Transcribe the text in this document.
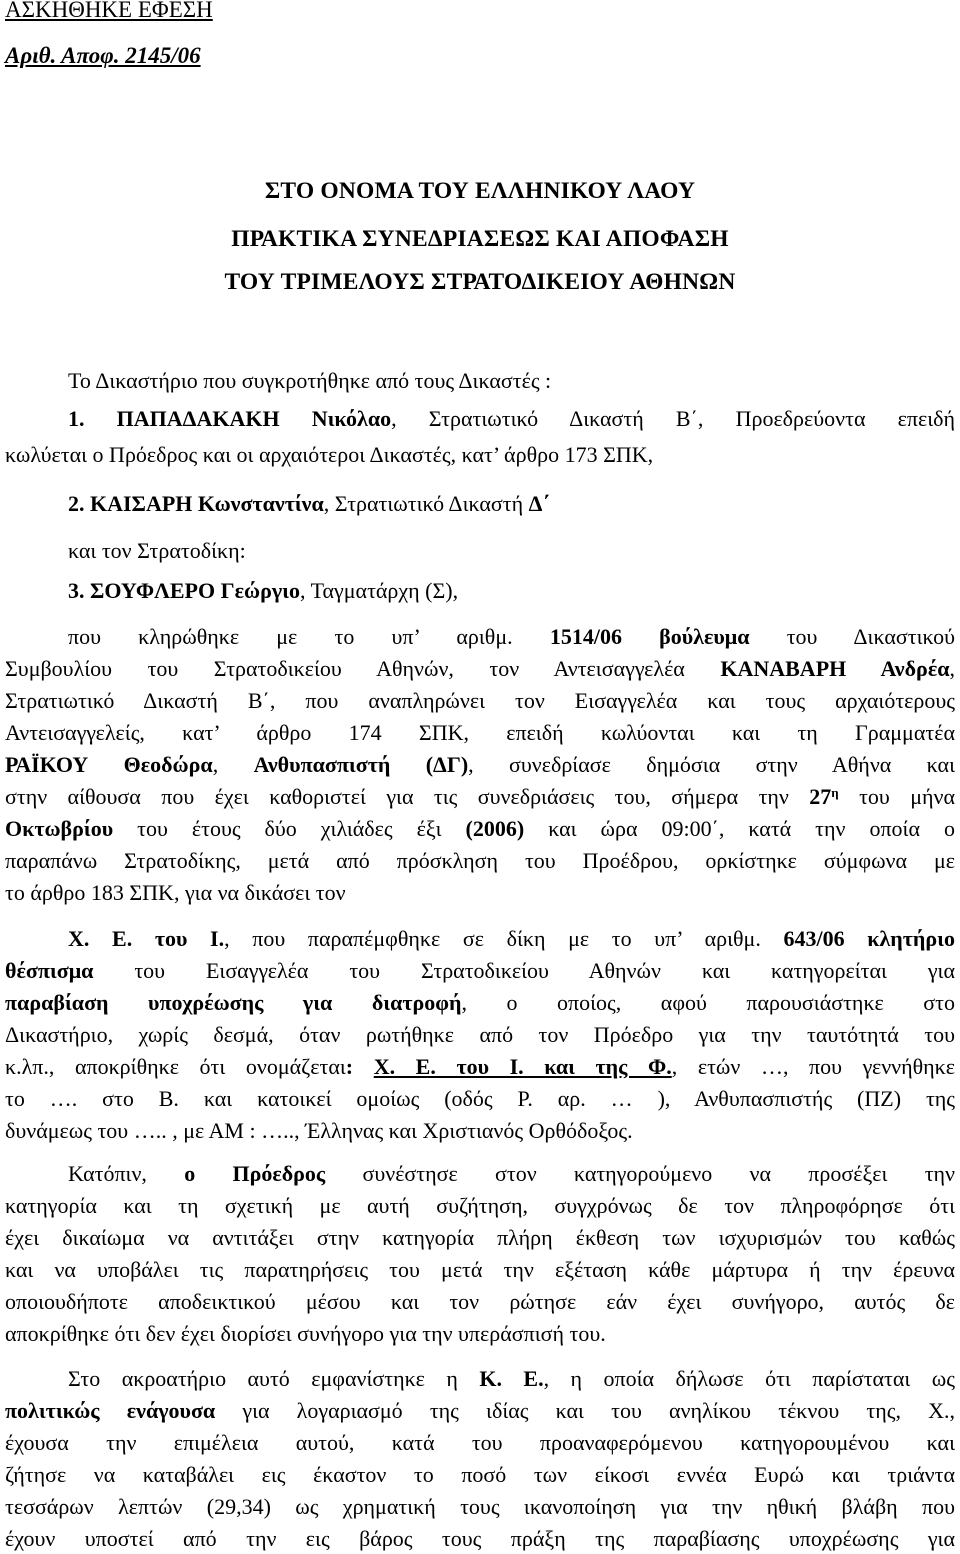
ΑΣΚΗΘΗΚΕ ΕΦΕΣΗ
Αριθ. Αποφ. 2145/06
ΣΤΟ ΟΝΟΜΑ ΤΟΥ ΕΛΛΗΝΙΚΟΥ ΛΑΟΥ
ΠΡΑΚΤΙΚΑ ΣΥΝΕΔΡΙΑΣΕΩΣ ΚΑΙ ΑΠΟΦΑΣΗ
ΤΟΥ ΤΡΙΜΕΛΟΥΣ ΣΤΡΑΤΟΔΙΚΕΙΟΥ ΑΘΗΝΩΝ
Το Δικαστήριο που συγκροτήθηκε από τους Δικαστές :
1. ΠΑΠΑΔΑΚΑΚΗ Νικόλαο, Στρατιωτικό Δικαστή Β΄, Προεδρεύοντα επειδή
κωλύεται ο Πρόεδρος και οι αρχαιότεροι Δικαστές, κατ’ άρθρο 173 ΣΠΚ,
2. ΚΑΙΣΑΡΗ Κωνσταντίνα, Στρατιωτικό Δικαστή Δ΄
και τον Στρατοδίκη:
3. ΣΟΥΦΛΕΡΟ Γεώργιο, Ταγματάρχη (Σ),
που κληρώθηκε με το υπ’ αριθμ. 1514/06 βούλευμα του Δικαστικού
Συμβουλίου του Στρατοδικείου Αθηνών, τον Αντεισαγγελέα ΚΑΝΑΒΑΡΗ Ανδρέα,
Στρατιωτικό Δικαστή Β΄, που αναπληρώνει τον Εισαγγελέα και τους αρχαιότερους
Αντεισαγγελείς, κατ’ άρθρο 174 ΣΠΚ, επειδή κωλύονται και τη Γραμματέα
ΡΑΪΚΟΥ Θεοδώρα, Ανθυπασπιστή (ΔΓ), συνεδρίασε δημόσια στην Αθήνα και
στην αίθουσα που έχει καθοριστεί για τις συνεδριάσεις του, σήμερα την $27^\eta$ του μήνα
Οκτωβρίου του έτους δύο χιλιάδες έξι (2006) και ώρα 09:00΄, κατά την οποία ο
παραπάνω Στρατοδίκης, μετά από πρόσκληση του Προέδρου, ορκίστηκε σύμφωνα με
το άρθρο 183 ΣΠΚ, για να δικάσει τον
Χ. Ε. του Ι., που παραπέμφθηκε σε δίκη με το υπ’ αριθμ. 643/06 κλητήριο
θέσπισμα του Εισαγγελέα του Στρατοδικείου Αθηνών και κατηγορείται για
παραβίαση υποχρέωσης για διατροφή, ο οποίος, αφού παρουσιάστηκε στο
Δικαστήριο, χωρίς δεσμά, όταν ρωτήθηκε από τον Πρόεδρο για την ταυτότητά του
κ.λπ., αποκρίθηκε ότι ονομάζεται: Χ. Ε. του Ι. και της Φ., ετών …, που γεννήθηκε
το …. στο Β. και κατοικεί ομοίως (οδός Ρ. αρ. … ), Ανθυπασπιστής (ΠΖ) της
δυνάμεως του ….. , με ΑΜ : ….., Έλληνας και Χριστιανός Ορθόδοξος.
Κατόπιν, ο Πρόεδρος συνέστησε στον κατηγορούμενο να προσέξει την
κατηγορία και τη σχετική με αυτή συζήτηση, συγχρόνως δε τον πληροφόρησε ότι
έχει δικαίωμα να αντιτάξει στην κατηγορία πλήρη έκθεση των ισχυρισμών του καθώς
και να υποβάλει τις παρατηρήσεις του μετά την εξέταση κάθε μάρτυρα ή την έρευνα
οποιουδήποτε αποδεικτικού μέσου και τον ρώτησε εάν έχει συνήγορο, αυτός δε
αποκρίθηκε ότι δεν έχει διορίσει συνήγορο για την υπεράσπισή του.
Στο ακροατήριο αυτό εμφανίστηκε η Κ. Ε., η οποία δήλωσε ότι παρίσταται ως
πολιτικώς ενάγουσα για λογαριασμό της ιδίας και του ανηλίκου τέκνου της, Χ.,
έχουσα την επιμέλεια αυτού, κατά του προαναφερόμενου κατηγορουμένου και
ζήτησε να καταβάλει εις έκαστον το ποσό των είκοσι εννέα Ευρώ και τριάντα
τεσσάρων λεπτών (29,34) ως χρηματική τους ικανοποίηση για την ηθική βλάβη που
έχουν υποστεί από την εις βάρος τους πράξη της παραβίασης υποχρέωσης για
